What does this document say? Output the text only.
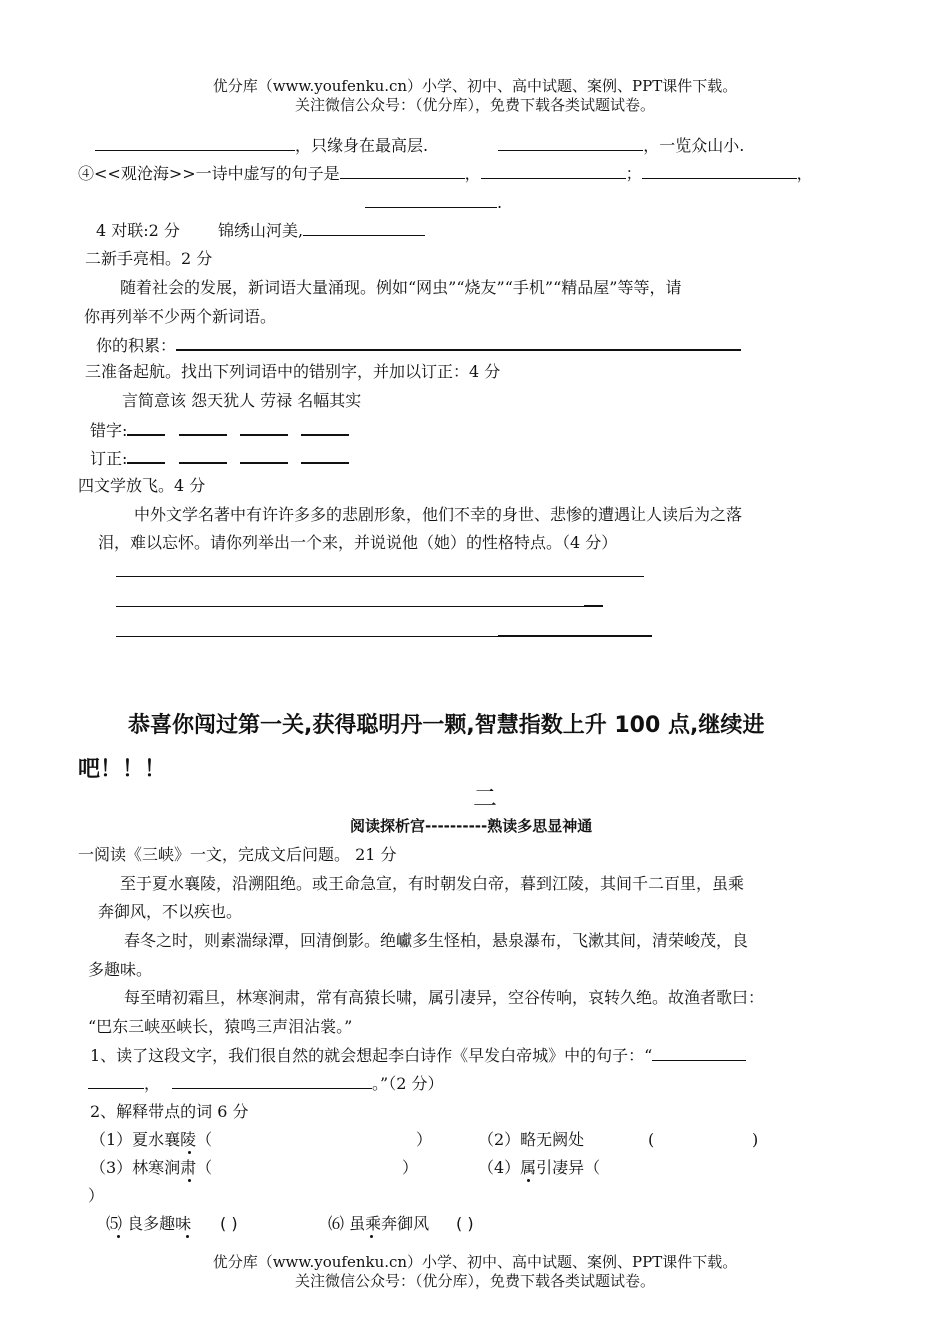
优分库（www.youfenku.cn）小学、初中、高中试题、案例、PPT课件下载。
关注微信公众号：（优分库），免费下载各类试题试卷。
，只缘身在最高层.	，一览众山小.
④<<观沧海>>一诗中虚写的句子是	，	；	，
.
4 对联:2 分 锦绣山河美,
二新手亮相。2 分
随着社会的发展，新词语大量涌现。例如“网虫”“烧友”“手机”“精品屋”等等，请
你再列举不少两个新词语。
你的积累：
三准备起航。找出下列词语中的错别字，并加以订正：4 分
言简意该 怨天犹人 劳禄 名幅其实
错字:
订正:
四文学放飞。4 分
中外文学名著中有许许多多的悲剧形象，他们不幸的身世、悲惨的遭遇让人读后为之落
泪，难以忘怀。请你列举出一个来，并说说他（她）的性格特点。（4 分）
恭喜你闯过第一关,获得聪明丹一颗,智慧指数上升 100 点,继续进
吧！！！
二
阅读探析宫----------熟读多思显神通
一阅读《三峡》一文，完成文后问题。 21 分
至于夏水襄陵，沿溯阻绝。或王命急宣，有时朝发白帝，暮到江陵，其间千二百里，虽乘
奔御风，不以疾也。
春冬之时，则素湍绿潭，回清倒影。绝巘多生怪柏，悬泉瀑布，飞漱其间，清荣峻茂，良
多趣味。
每至晴初霜旦，林寒涧肃，常有高猿长啸，属引凄异，空谷传响，哀转久绝。故渔者歌曰：
“巴东三峡巫峡长，猿鸣三声泪沾裳。”
1、读了这段文字，我们很自然的就会想起李白诗作《早发白帝城》中的句子：“
，	。”（2 分）
2、解释带点的词 6 分
（1）夏水襄陵（	）	（2）略无阙处	(	)
（3）林寒涧肃（	）	（4）属引凄异（
）
⑸ 良多趣味 ( )	⑹ 虽乘奔御风 ( )
优分库（www.youfenku.cn）小学、初中、高中试题、案例、PPT课件下载。
关注微信公众号：（优分库），免费下载各类试题试卷。
